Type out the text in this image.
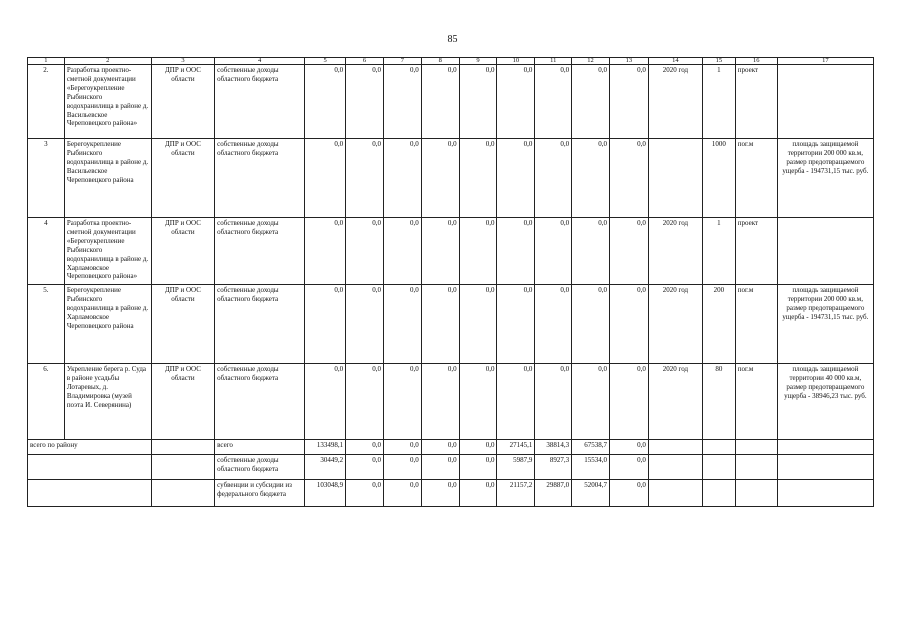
85
1	2	3	4	5	6	7	8	9	10	11	12	13	14	15	16	17
2.	Разработка проектно-сметной документации «Берегоукрепление Рыбинского водохранилища в районе д. Васильевское Череповецкого района»	ДПР и ООС области	собственные доходы областного бюджета	0,0	0,0	0,0	0,0	0,0	0,0	0,0	0,0	0,0	2020 год	1	проект	
3	Берегоукрепление Рыбинского водохранилища в районе д. Васильевское Череповецкого района	ДПР и ООС области	собственные доходы областного бюджета	0,0	0,0	0,0	0,0	0,0	0,0	0,0	0,0	0,0		1000	пог.м	площадь защищаемой территории 200 000 кв.м, размер предотвращаемого ущерба - 194731,15 тыс. руб.
4	Разработка проектно-сметной документации «Берегоукрепление Рыбинского водохранилища в районе д. Харламовское Череповецкого района»	ДПР и ООС области	собственные доходы областного бюджета	0,0	0,0	0,0	0,0	0,0	0,0	0,0	0,0	0,0	2020 год	1	проект	
5.	Берегоукрепление Рыбинского водохранилища в районе д. Харламовское Череповецкого района	ДПР и ООС области	собственные доходы областного бюджета	0,0	0,0	0,0	0,0	0,0	0,0	0,0	0,0	0,0	2020 год	200	пог.м	площадь защищаемой территории 200 000 кв.м, размер предотвращаемого ущерба - 194731,15 тыс. руб.
6.	Укрепление берега р. Суда в районе усадьбы Лотаревых, д. Владимировка (музей поэта И. Северянина)	ДПР и ООС области	собственные доходы областного бюджета	0,0	0,0	0,0	0,0	0,0	0,0	0,0	0,0	0,0	2020 год	80	пог.м	площадь защищаемой территории 40 000 кв.м, размер предотвращаемого ущерба - 38946,23 тыс. руб.
всего по району			всего	133498,1	0,0	0,0	0,0	0,0	27145,1	38814,3	67538,7	0,0				
			собственные доходы областного бюджета	30449,2	0,0	0,0	0,0	0,0	5987,9	8927,3	15534,0	0,0				
			субвенции и субсидии из федерального бюджета	103048,9	0,0	0,0	0,0	0,0	21157,2	29887,0	52004,7	0,0				
